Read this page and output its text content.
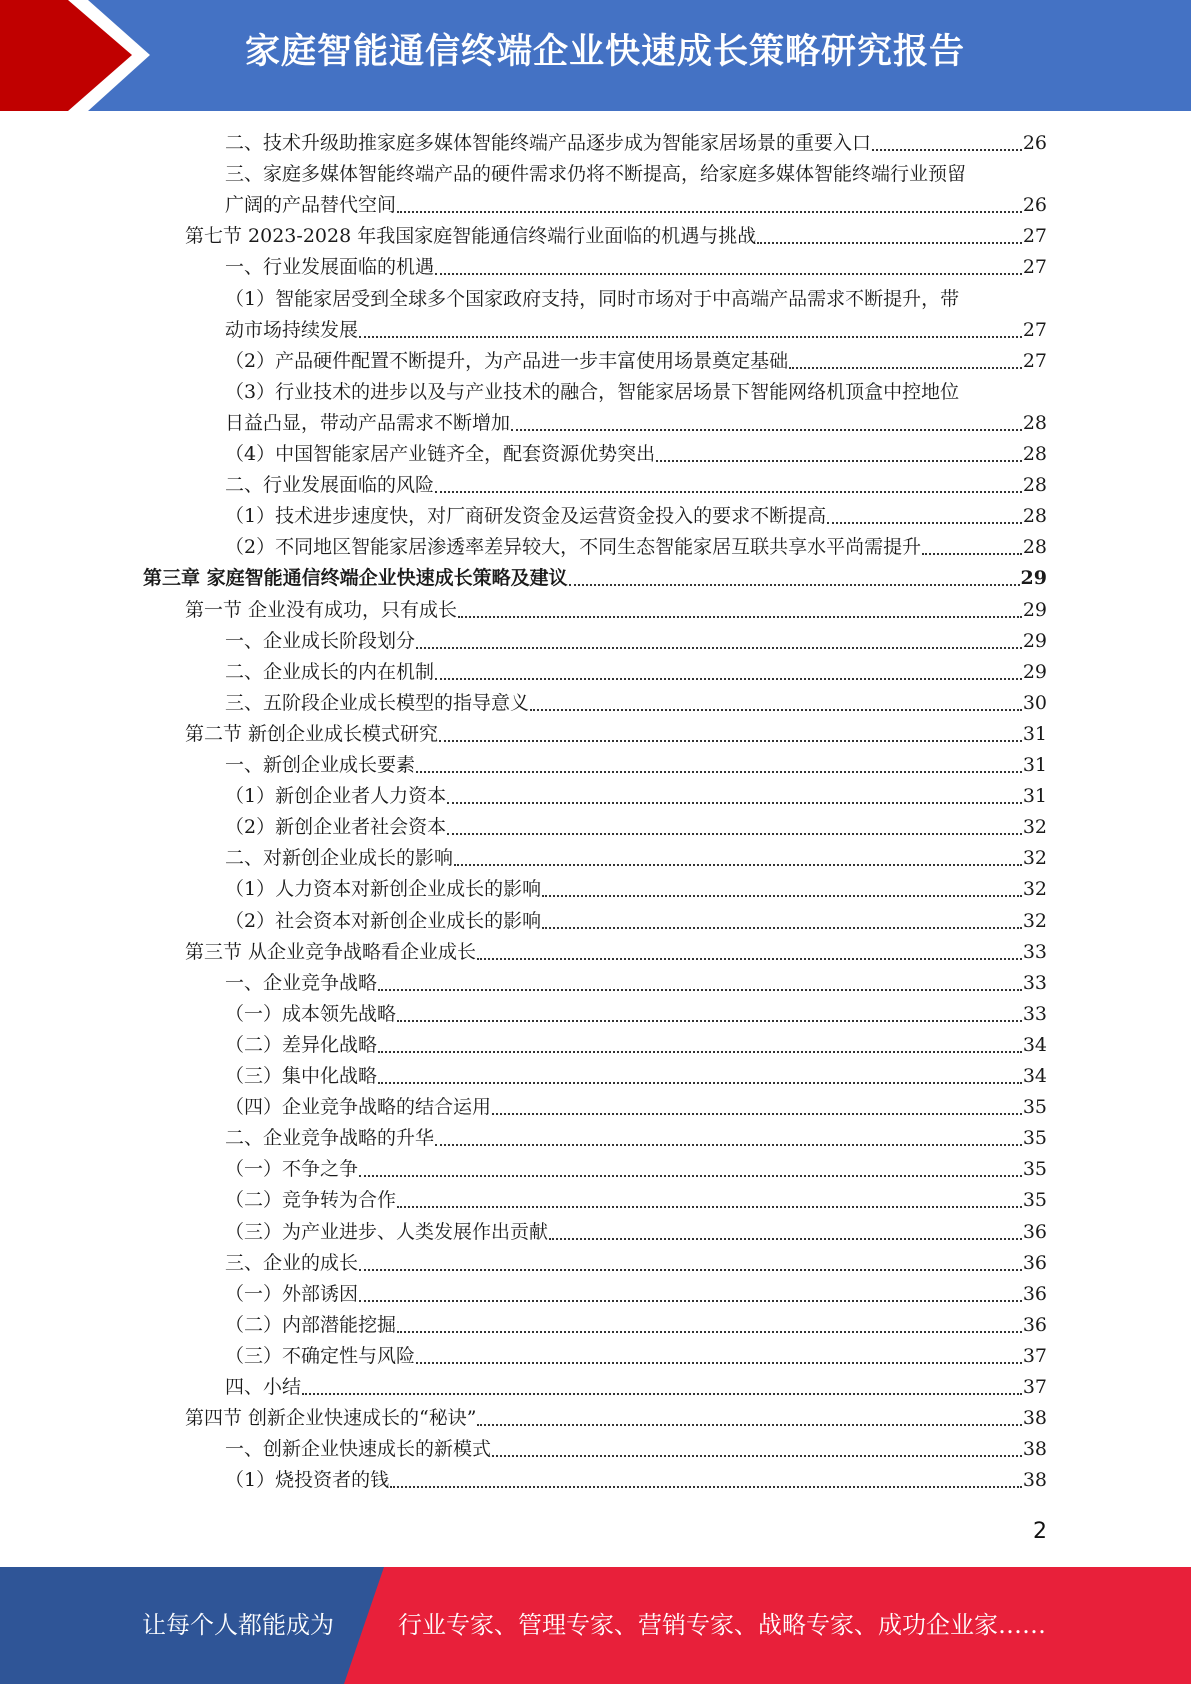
家庭智能通信终端企业快速成长策略研究报告
二、技术升级助推家庭多媒体智能终端产品逐步成为智能家居场景的重要入口	26
三、家庭多媒体智能终端产品的硬件需求仍将不断提高，给家庭多媒体智能终端行业预留
广阔的产品替代空间	26
第七节 2023-2028 年我国家庭智能通信终端行业面临的机遇与挑战	27
一、行业发展面临的机遇	27
（1）智能家居受到全球多个国家政府支持，同时市场对于中高端产品需求不断提升，带
动市场持续发展	27
（2）产品硬件配置不断提升，为产品进一步丰富使用场景奠定基础	27
（3）行业技术的进步以及与产业技术的融合，智能家居场景下智能网络机顶盒中控地位
日益凸显，带动产品需求不断增加	28
（4）中国智能家居产业链齐全，配套资源优势突出	28
二、行业发展面临的风险	28
（1）技术进步速度快，对厂商研发资金及运营资金投入的要求不断提高	28
（2）不同地区智能家居渗透率差异较大，不同生态智能家居互联共享水平尚需提升	28
第三章 家庭智能通信终端企业快速成长策略及建议	29
第一节 企业没有成功，只有成长	29
一、企业成长阶段划分	29
二、企业成长的内在机制	29
三、五阶段企业成长模型的指导意义	30
第二节 新创企业成长模式研究	31
一、新创企业成长要素	31
（1）新创企业者人力资本	31
（2）新创企业者社会资本	32
二、对新创企业成长的影响	32
（1）人力资本对新创企业成长的影响	32
（2）社会资本对新创企业成长的影响	32
第三节 从企业竞争战略看企业成长	33
一、企业竞争战略	33
（一）成本领先战略	33
（二）差异化战略	34
（三）集中化战略	34
（四）企业竞争战略的结合运用	35
二、企业竞争战略的升华	35
（一）不争之争	35
（二）竞争转为合作	35
（三）为产业进步、人类发展作出贡献	36
三、企业的成长	36
（一）外部诱因	36
（二）内部潜能挖掘	36
（三）不确定性与风险	37
四、小结	37
第四节 创新企业快速成长的“秘诀”	38
一、创新企业快速成长的新模式	38
（1）烧投资者的钱	38
2
让每个人都能成为	行业专家、管理专家、营销专家、战略专家、成功企业家……
